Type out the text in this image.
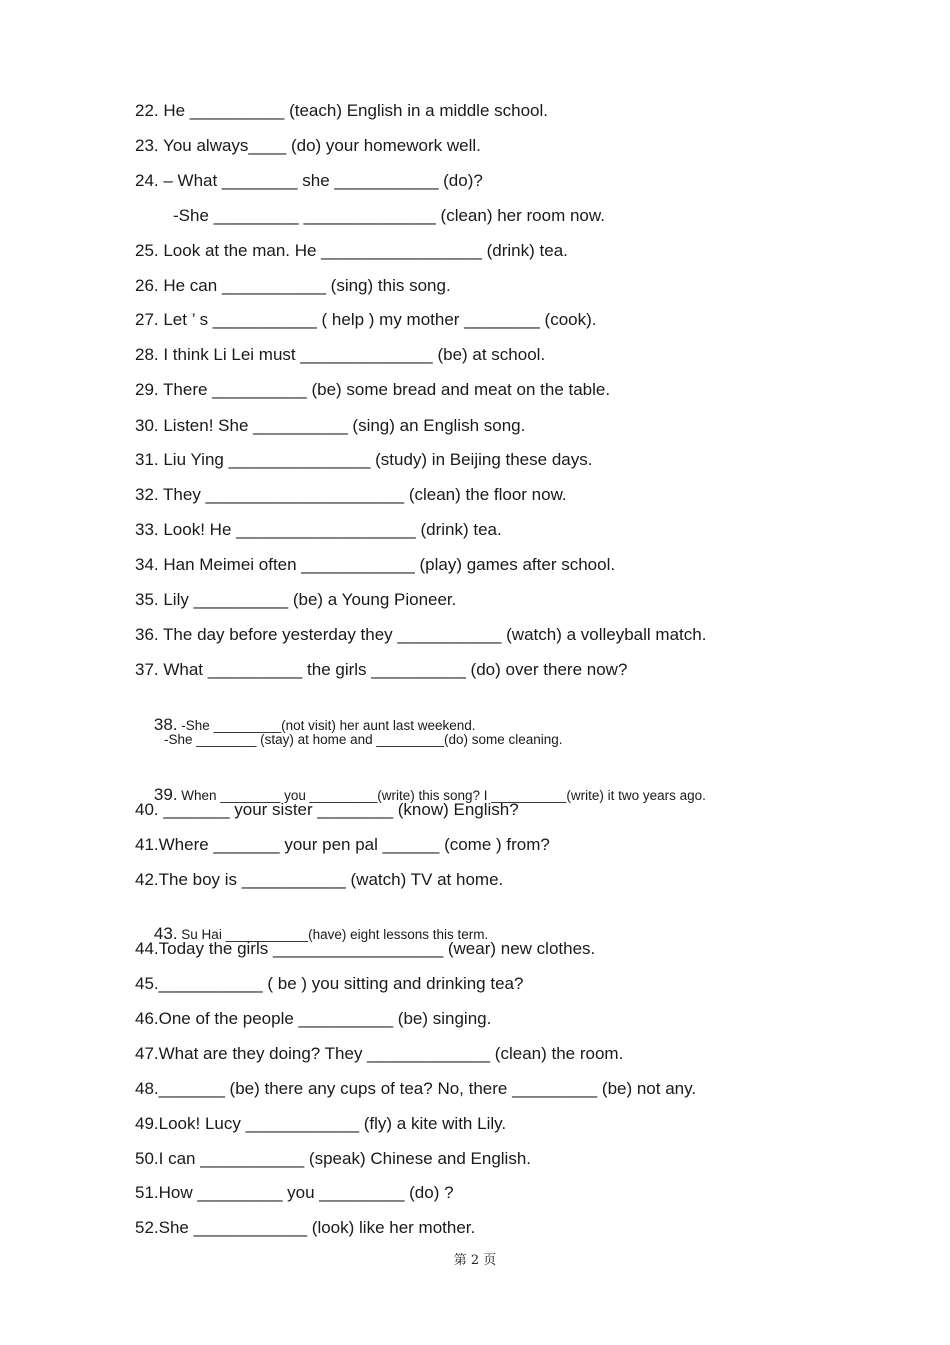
22. He __________ (teach) English in a middle school.
23. You always____ (do) your homework well.
24. – What ________ she ___________ (do)?
-She _________ ______________ (clean) her room now.
25. Look at the man. He _________________ (drink) tea.
26. He can ___________ (sing) this song.
27. Let ’ s ___________ ( help ) my mother ________ (cook).
28. I think Li Lei must ______________ (be) at school.
29. There __________ (be) some bread and meat on the table.
30. Listen! She __________ (sing) an English song.
31. Liu Ying _______________ (study) in Beijing these days.
32. They _____________________ (clean) the floor now.
33. Look! He ___________________ (drink) tea.
34. Han Meimei often ____________ (play) games after school.
35. Lily __________ (be) a Young Pioneer.
36. The day before yesterday they ___________ (watch) a volleyball match.
37. What __________ the girls __________ (do) over there now?

38. -She _________(not visit) her aunt last weekend.

-She ________ (stay) at home and _________(do) some cleaning.

39. When ________ you _________(write) this song? I __________(write) it two years ago.

40. _______ your sister ________ (know) English?
41.Where _______ your pen pal ______ (come ) from?
42.The boy is ___________ (watch) TV at home.

43. Su Hai ___________(have) eight lessons this term.

44.Today the girls __________________ (wear) new clothes.
45.___________ ( be ) you sitting and drinking tea?
46.One of the people __________ (be) singing.
47.What are they doing? They _____________ (clean) the room.
48._______ (be) there any cups of tea? No, there _________ (be) not any.
49.Look! Lucy ____________ (fly) a kite with Lily.
50.I can ___________ (speak) Chinese and English.
51.How _________ you _________ (do) ?
52.She ____________ (look) like her mother.
第 2 页
